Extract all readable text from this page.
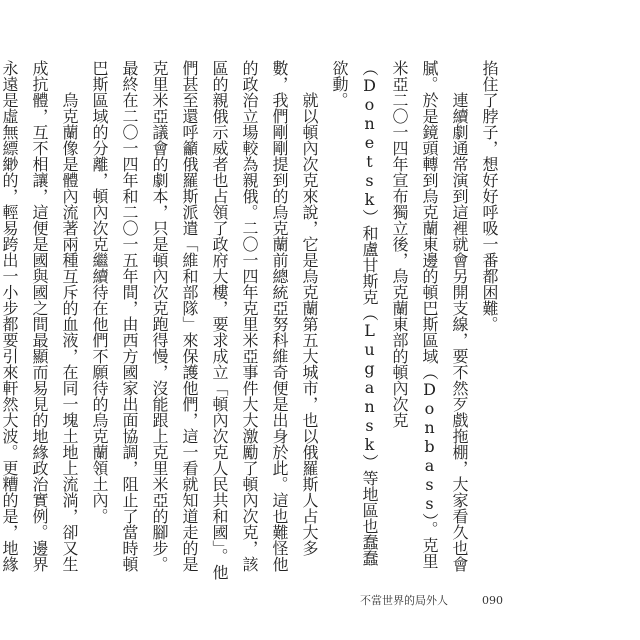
掐住了脖子，想好好呼吸一番都困難。

連續劇通常演到這裡就會另開支線，要不然歹戲拖棚，大家看久也會膩。於是鏡頭轉到烏克蘭東邊的頓巴斯區域（Donbass）。克里米亞二〇一四年宣布獨立後，烏克蘭東部的頓內次克（Donetsk）和盧甘斯克（Lugansk）等地區也蠢蠢欲動。

就以頓內次克來說，它是烏克蘭第五大城市，也以俄羅斯人占大多數，我們剛剛提到的烏克蘭前總統亞努科維奇便是出身於此。這也難怪他的政治立場較為親俄。二〇一四年克里米亞事件大大激勵了頓內次克，該區的親俄示威者也占領了政府大樓，要求成立「頓內次克人民共和國」。他們甚至還呼籲俄羅斯派遣「維和部隊」來保護他們，這一看就知道走的是克里米亞議會的劇本，只是頓內次克跑得慢，沒能跟上克里米亞的腳步。最終在二〇一四年和二〇一五年間，由西方國家出面協調，阻止了當時頓巴斯區域的分離，頓內次克繼續待在他們不願待的烏克蘭領土內。

烏克蘭像是體內流著兩種互斥的血液，在同一塊土地上流淌，卻又生成抗體，互不相讓，這便是國與國之間最顯而易見的地緣政治實例。邊界永遠是虛無縹緲的，輕易跨出一小步都要引來軒然大波。更糟的是，地緣

不當世界的局外人	090
